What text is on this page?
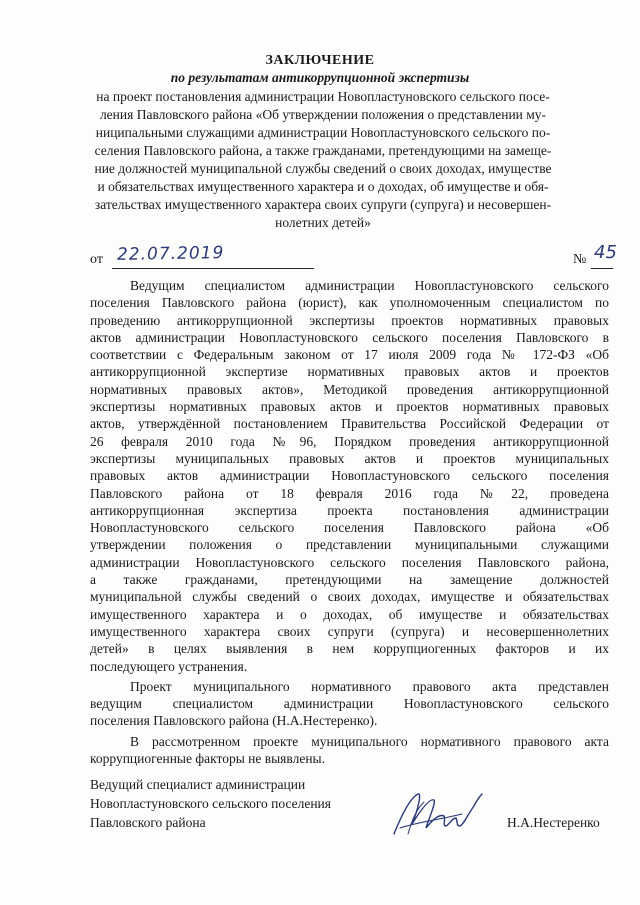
ЗАКЛЮЧЕНИЕ
по результатам антикоррупционной экспертизы
на проект постановления администрации Новопластуновского сельского посе-
ления Павловского района «Об утверждении положения о представлении му-
ниципальными служащими администрации Новопластуновского сельского по-
селения Павловского района, а также гражданами, претендующими на замеще-
ние должностей муниципальной службы сведений о своих доходах, имуществе
и обязательствах имущественного характера и о доходах, об имуществе и обя-
зательствах имущественного характера своих супруги (супруга) и несовершен-
нолетних детей»
от 22.07.2019	№ 45
Ведущим специалистом администрации Новопластуновского сельского
поселения Павловского района (юрист), как уполномоченным специалистом по
проведению антикоррупционной экспертизы проектов нормативных правовых
актов администрации Новопластуновского сельского поселения Павловского в
соответствии с Федеральным законом от 17 июля 2009 года № 172-ФЗ «Об
антикоррупционной экспертизе нормативных правовых актов и проектов
нормативных правовых актов», Методикой проведения антикоррупционной
экспертизы нормативных правовых актов и проектов нормативных правовых
актов, утверждённой постановлением Правительства Российской Федерации от
26 февраля 2010 года №96, Порядком проведения антикоррупционной
экспертизы муниципальных правовых актов и проектов муниципальных
правовых актов администрации Новопластуновского сельского поселения
Павловского района от 18 февраля 2016 года №22, проведена
антикоррупционная экспертиза проекта постановления администрации
Новопластуновского сельского поселения Павловского района «Об
утверждении положения о представлении муниципальными служащими
администрации Новопластуновского сельского поселения Павловского района,
а также гражданами, претендующими на замещение должностей
муниципальной службы сведений о своих доходах, имуществе и обязательствах
имущественного характера и о доходах, об имуществе и обязательствах
имущественного характера своих супруги (супруга) и несовершеннолетних
детей» в целях выявления в нем коррупциогенных факторов и их
последующего устранения.
Проект муниципального нормативного правового акта представлен
ведущим специалистом администрации Новопластуновского сельского
поселения Павловского района (Н.А.Нестеренко).
В рассмотренном проекте муниципального нормативного правового акта
коррупциогенные факторы не выявлены.
Ведущий специалист администрации
Новопластуновского сельского поселения
Павловского района	Н.А.Нестеренко
